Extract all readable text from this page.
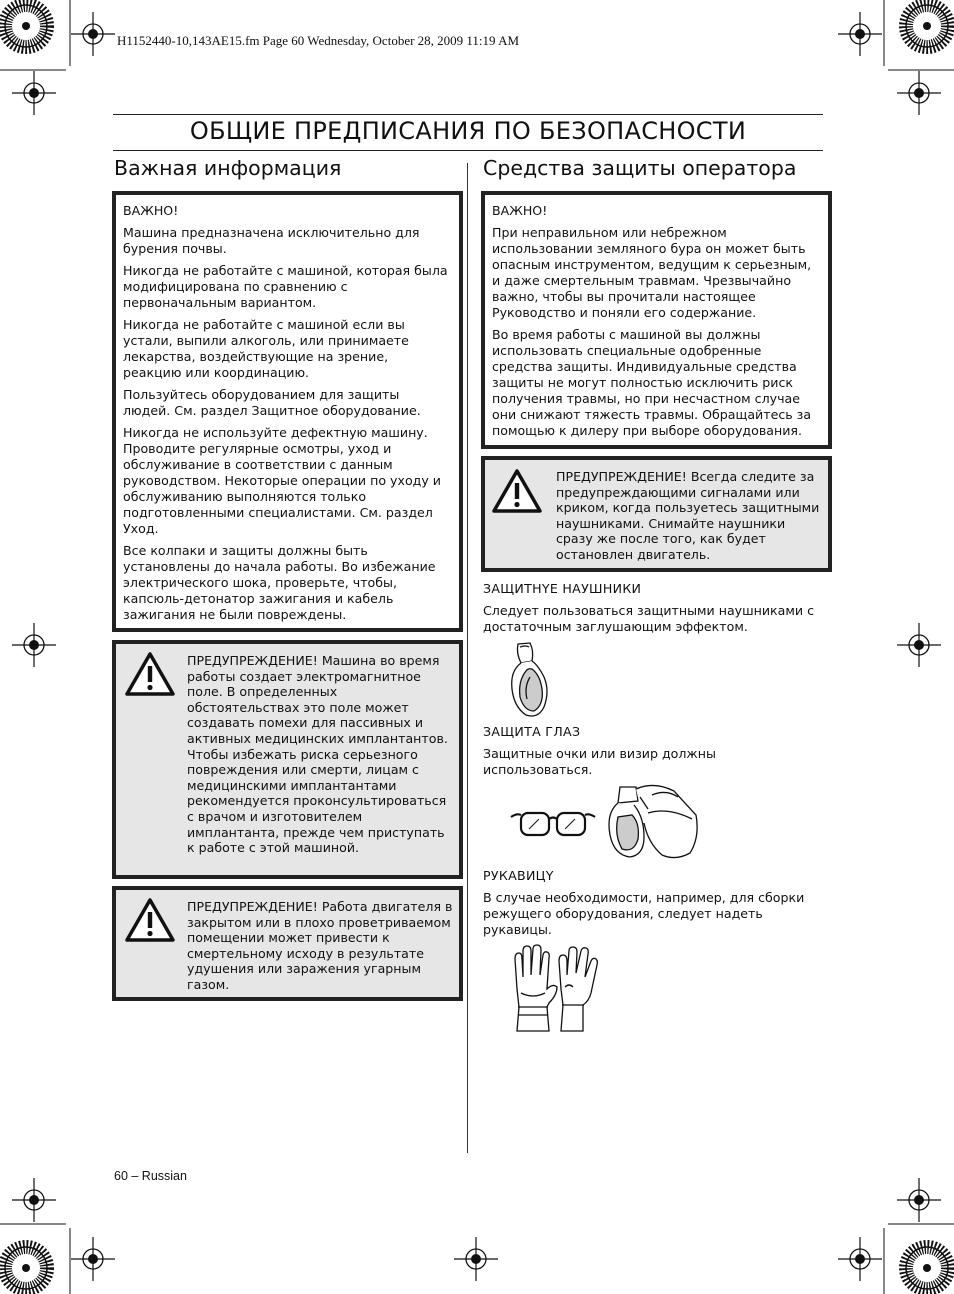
H1152440-10,143AE15.fm Page 60 Wednesday, October 28, 2009 11:19 AM
ОБЩИЕ ПРЕДПИСАНИЯ ПО БЕЗОПАСНОСТИ
Важная информация

ВАЖНО!

Машина предназначена исключительно для бурения почвы.

Никогда не работайте с машиной, которая была модифицирована по сравнению с первоначальным вариантом.

Никогда не работайте с машиной если вы устали, выпили алкоголь, или принимаете лекарства, воздействующие на зрение, реакцию или координацию.

Пользуйтесь оборудованием для защиты людей. См. раздел Защитное оборудование.

Никогда не используйте дефектную машину. Проводите регулярные осмотры, уход и обслуживание в соответствии с данным руководством. Некоторые операции по уходу и обслуживанию выполняются только подготовленными специалистами. См. раздел Уход.

Все колпаки и защиты должны быть установлены до начала работы. Во избежание электрического шока, проверьте, чтобы, капсюль-детонатор зажигания и кабель зажигания не были повреждены.

ПРЕДУПРЕЖДЕНИЕ! Машина во время работы создает электромагнитное поле. В определенных обстоятельствах это поле может создавать помехи для пассивных и активных медицинских имплантантов. Чтобы избежать риска серьезного повреждения или смерти, лицам с медицинскими имплантантами рекомендуется проконсультироваться с врачом и изготовителем имплантанта, прежде чем приступать к работе с этой машиной.
ПРЕДУПРЕЖДЕНИЕ! Работа двигателя в закрытом или в плохо проветриваемом помещении может привести к смертельному исходу в результате удушения или заражения угарным газом.
Средства защиты оператора

ВАЖНО!

При неправильном или небрежном использовании земляного бура он может быть опасным инструментом, ведущим к серьезным, и даже смертельным травмам. Чрезвычайно важно, чтобы вы прочитали настоящее Руководство и поняли его содержание.

Во время работы с машиной вы должны использовать специальные одобренные средства защиты. Индивидуальные средства защиты не могут полностью исключить риск получения травмы, но при несчастном случае они снижают тяжесть травмы. Обращайтесь за помощью к дилеру при выборе оборудования.

ПРЕДУПРЕЖДЕНИЕ! Всегда следите за предупреждающими сигналами или криком, когда пользуетесь защитными наушниками. Снимайте наушники сразу же после того, как будет остановлен двигатель.
ЗАЩИТНYЕ НАУШНИКИ
Следует пользоваться защитными наушниками с достаточным заглушающим эффектом.
ЗАЩИТА ГЛАЗ
Защитные очки или визир должны использоваться.
РУКАВИЦY
В случае необходимости, например, для сборки режущего оборудования, следует надеть рукавицы.
60 – Russian
